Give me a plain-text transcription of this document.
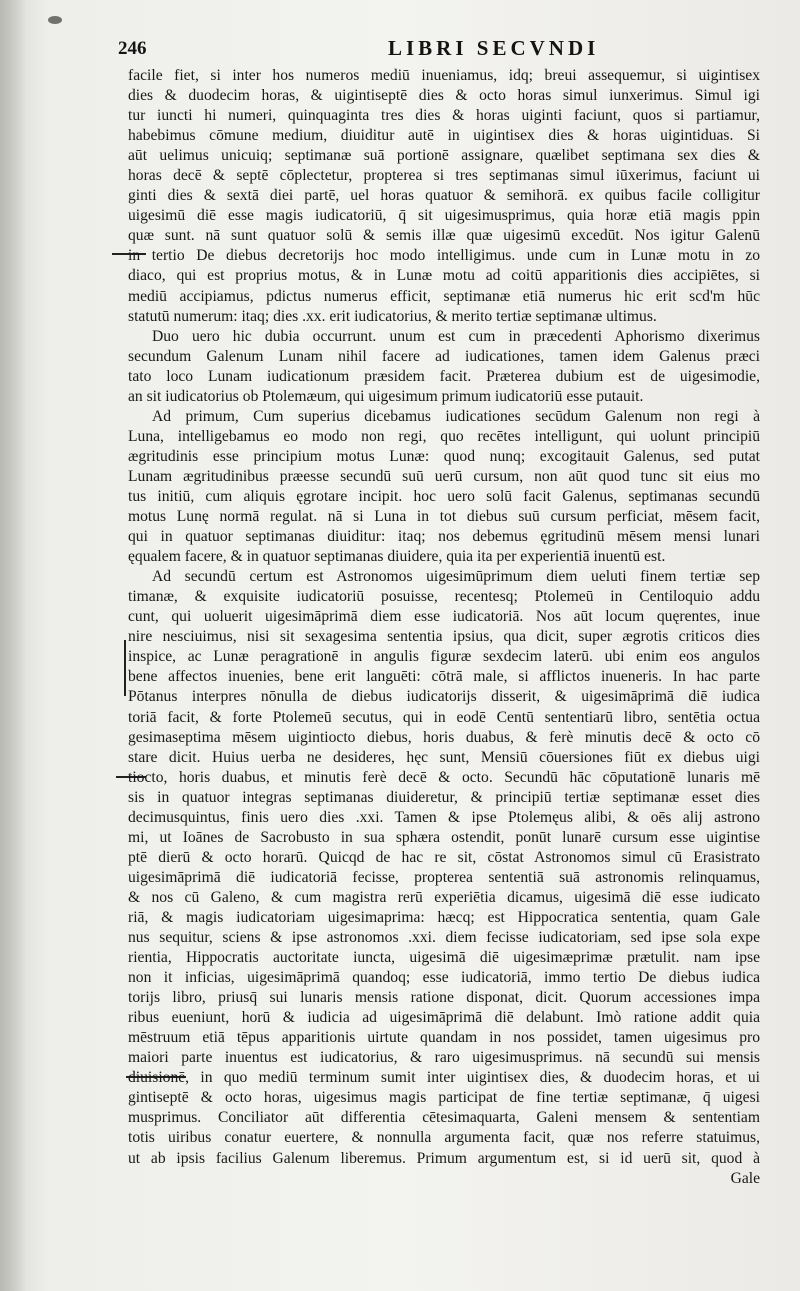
246	LIBRI SECVNDI
facile fiet, si inter hos numeros mediū inueniamus, idq; breui assequemur, si uigintisex
dies & duodecim horas, & uigintiseptē dies & octo horas simul iunxerimus. Simul igi
tur iuncti hi numeri, quinquaginta tres dies & horas uiginti faciunt, quos si partiamur,
habebimus cōmune medium, diuiditur autē in uigintisex dies & horas uigintiduas. Si
aūt uelimus unicuiq; septimanæ suā portionē assignare, quælibet septimana sex dies &
horas decē & septē cōplectetur, propterea si tres septimanas simul iūxerimus, faciunt ui
ginti dies & sextā diei partē, uel horas quatuor & semihorā. ex quibus facile colligitur
uigesimū diē esse magis iudicatoriū, q̄ sit uigesimusprimus, quia horæ etiā magis ppin
quæ sunt. nā sunt quatuor solū & semis illæ quæ uigesimū excedūt. Nos igitur Galenū
in tertio De diebus decretorijs hoc modo intelligimus. unde cum in Lunæ motu in zo
diaco, qui est proprius motus, & in Lunæ motu ad coitū apparitionis dies accipiētes, si
mediū accipiamus, pdictus numerus efficit, septimanæ etiā numerus hic erit scd'm hūc
statutū numerum: itaq; dies .xx. erit iudicatorius, & merito tertiæ septimanæ ultimus.
Duo uero hic dubia occurrunt. unum est cum in præcedenti Aphorismo dixerimus
secundum Galenum Lunam nihil facere ad iudicationes, tamen idem Galenus præci
tato loco Lunam iudicationum præsidem facit. Præterea dubium est de uigesimodie,
an sit iudicatorius ob Ptolemæum, qui uigesimum primum iudicatoriū esse putauit.
Ad primum, Cum superius dicebamus iudicationes secūdum Galenum non regi à
Luna, intelligebamus eo modo non regi, quo recētes intelligunt, qui uolunt principiū
ægritudinis esse principium motus Lunæ: quod nunq; excogitauit Galenus, sed putat
Lunam ægritudinibus præesse secundū suū uerū cursum, non aūt quod tunc sit eius mo
tus initiū, cum aliquis ęgrotare incipit. hoc uero solū facit Galenus, septimanas secundū
motus Lunę normā regulat. nā si Luna in tot diebus suū cursum perficiat, mēsem facit,
qui in quatuor septimanas diuiditur: itaq; nos debemus ęgritudinū mēsem mensi lunari
ęqualem facere, & in quatuor septimanas diuidere, quia ita per experientiā inuentū est.
Ad secundū certum est Astronomos uigesimūprimum diem ueluti finem tertiæ sep
timanæ, & exquisite iudicatoriū posuisse, recentesq; Ptolemeū in Centiloquio addu
cunt, qui uoluerit uigesimāprimā diem esse iudicatoriā. Nos aūt locum quęrentes, inue
nire nesciuimus, nisi sit sexagesima sententia ipsius, qua dicit, super ægrotis criticos dies
inspice, ac Lunæ peragrationē in angulis figuræ sexdecim laterū. ubi enim eos angulos
bene affectos inuenies, bene erit languēti: cōtrā male, si afflictos inueneris. In hac parte
Pōtanus interpres nōnulla de diebus iudicatorijs disserit, & uigesimāprimā diē iudica
toriā facit, & forte Ptolemeū secutus, qui in eodē Centū sententiarū libro, sentētia octua
gesimaseptima mēsem uigintiocto diebus, horis duabus, & ferè minutis decē & octo cō
stare dicit. Huius uerba ne desideres, hęc sunt, Mensiū cōuersiones fiūt ex diebus uigi
tiocto, horis duabus, et minutis ferè decē & octo. Secundū hāc cōputationē lunaris mē
sis in quatuor integras septimanas diuideretur, & principiū tertiæ septimanæ esset dies
decimusquintus, finis uero dies .xxi. Tamen & ipse Ptolemęus alibi, & oēs alij astrono
mi, ut Ioānes de Sacrobusto in sua sphæra ostendit, ponūt lunarē cursum esse uigintise
ptē dierū & octo horarū. Quicqd de hac re sit, cōstat Astronomos simul cū Erasistrato
uigesimāprimā diē iudicatoriā fecisse, propterea sententiā suā astronomis relinquamus,
& nos cū Galeno, & cum magistra rerū experiētia dicamus, uigesimā diē esse iudicato
riā, & magis iudicatoriam uigesimaprima: hæcq; est Hippocratica sententia, quam Gale
nus sequitur, sciens & ipse astronomos .xxi. diem fecisse iudicatoriam, sed ipse sola expe
rientia, Hippocratis auctoritate iuncta, uigesimā diē uigesimæprimæ prætulit. nam ipse
non it inficias, uigesimāprimā quandoq; esse iudicatoriā, immo tertio De diebus iudica
torijs libro, priusq̄ sui lunaris mensis ratione disponat, dicit. Quorum accessiones impa
ribus eueniunt, horū & iudicia ad uigesimāprimā diē delabunt. Imò ratione addit quia
mēstruum etiā tēpus apparitionis uirtute quandam in nos possidet, tamen uigesimus pro
maiori parte inuentus est iudicatorius, & raro uigesimusprimus. nā secundū sui mensis
diuisionē, in quo mediū terminum sumit inter uigintisex dies, & duodecim horas, et ui
gintiseptē & octo horas, uigesimus magis participat de fine tertiæ septimanæ, q̄ uigesi
musprimus. Conciliator aūt differentia cētesimaquarta, Galeni mensem & sententiam
totis uiribus conatur euertere, & nonnulla argumenta facit, quæ nos referre statuimus,
ut ab ipsis facilius Galenum liberemus. Primum argumentum est, si id uerū sit, quod à
Gale
